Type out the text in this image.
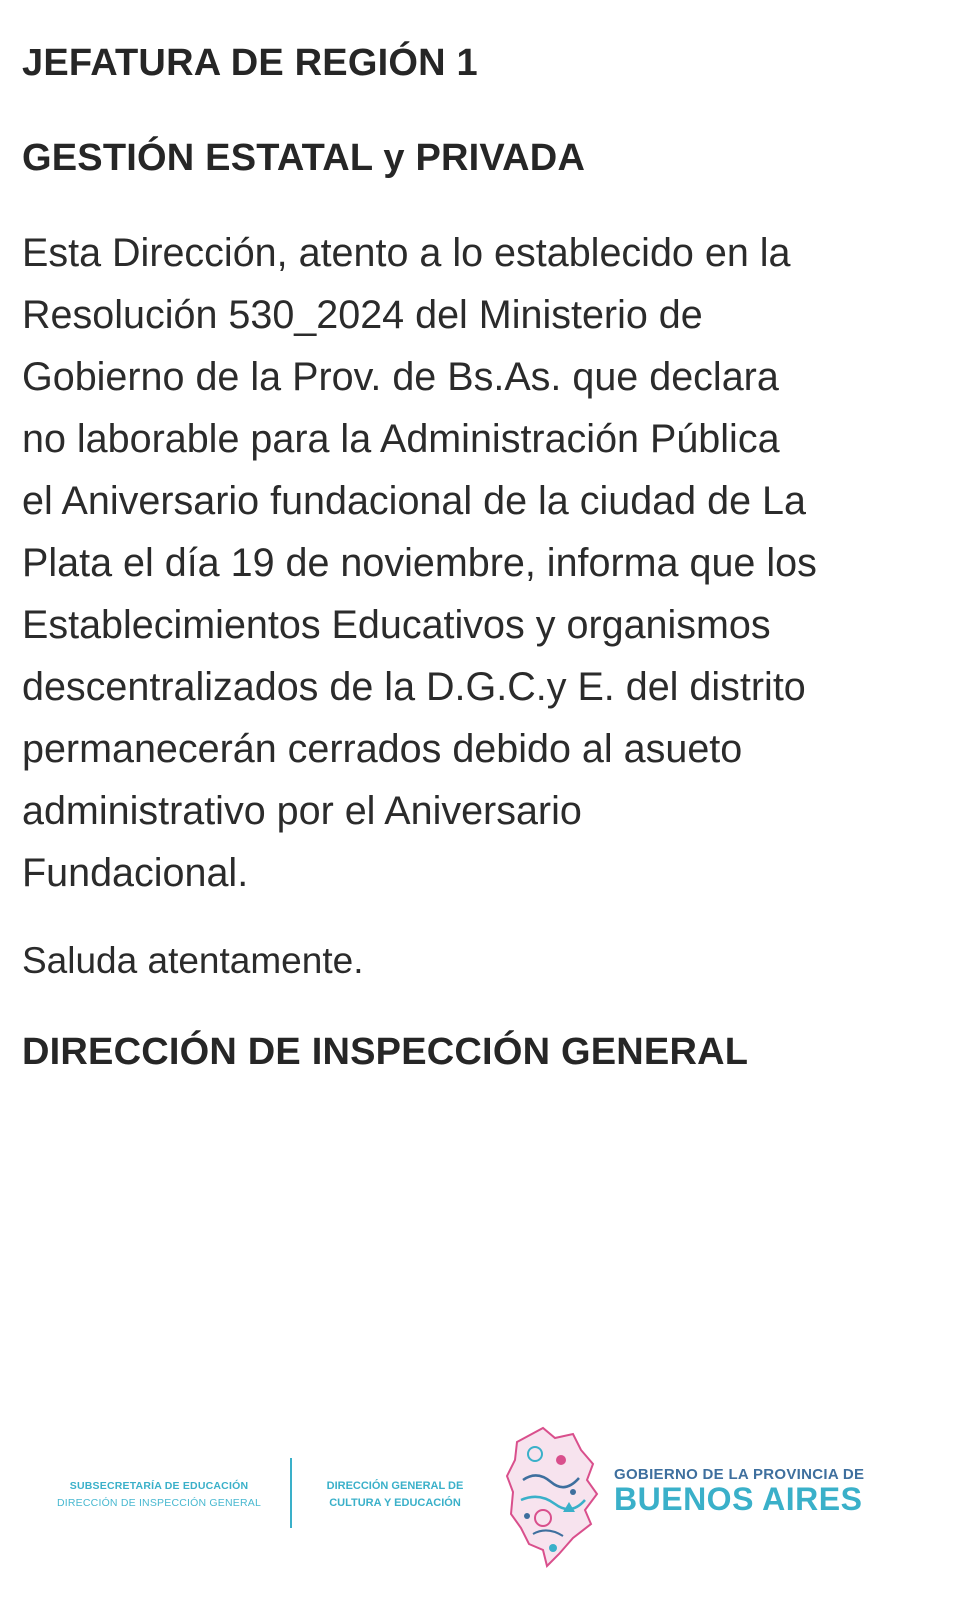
JEFATURA DE REGIÓN 1
GESTIÓN ESTATAL y PRIVADA

Esta Dirección, atento a lo establecido en la
Resolución 530_2024 del Ministerio de
Gobierno de la Prov. de Bs.As. que declara
no laborable para la Administración Pública
el Aniversario fundacional de la ciudad de La
Plata el día 19 de noviembre, informa que los
Establecimientos Educativos y organismos
descentralizados de la D.G.C.y E. del distrito
permanecerán cerrados debido al asueto
administrativo por el Aniversario
Fundacional.

Saluda atentamente.

DIRECCIÓN DE INSPECCIÓN GENERAL
SUBSECRETARÍA DE EDUCACIÓN
DIRECCIÓN DE INSPECCIÓN GENERAL
DIRECCIÓN GENERAL DE
CULTURA Y EDUCACIÓN
GOBIERNO DE LA PROVINCIA DE
BUENOS AIRES
